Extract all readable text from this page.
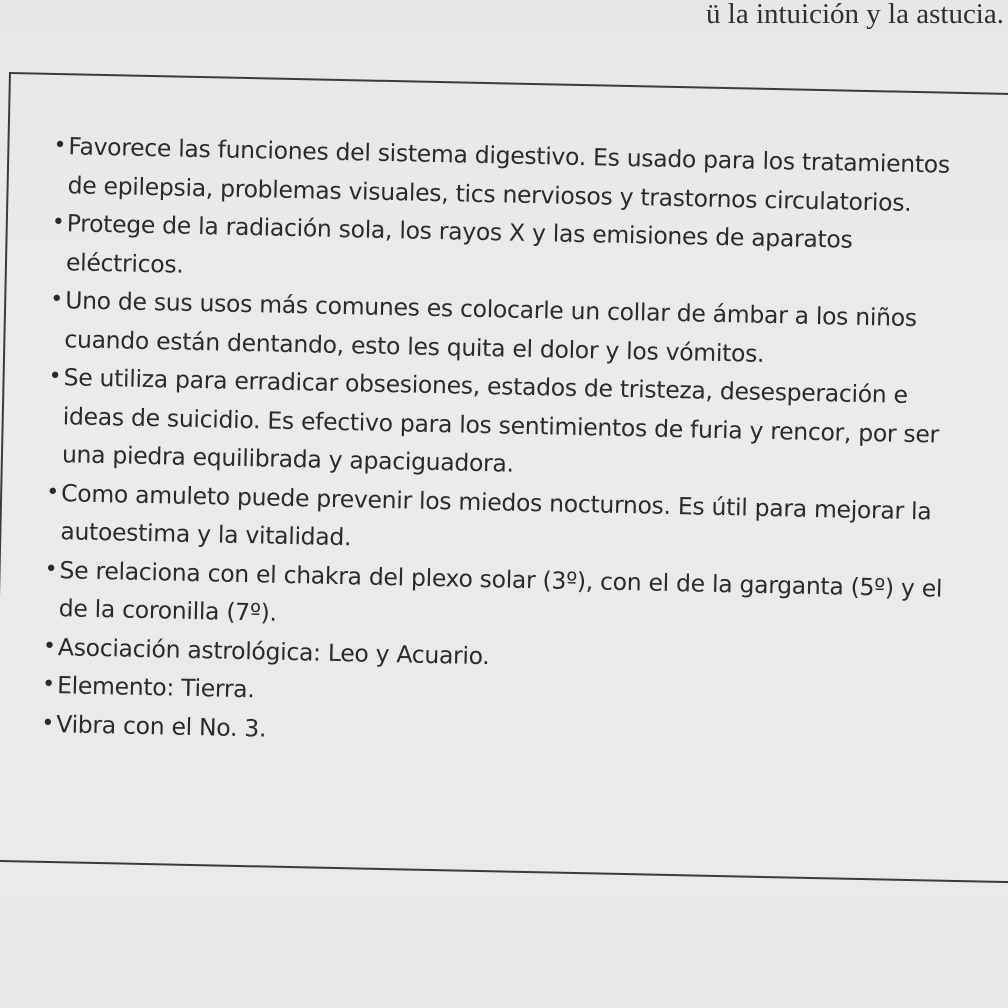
ü la intuición y la astucia.

• Favorece las funciones del sistema digestivo. Es usado para los tratamientos de epilepsia, problemas visuales, tics nerviosos y trastornos circulatorios.
• Protege de la radiación sola, los rayos X y las emisiones de aparatos eléctricos.
• Uno de sus usos más comunes es colocarle un collar de ámbar a los niños cuando están dentando, esto les quita el dolor y los vómitos.
• Se utiliza para erradicar obsesiones, estados de tristeza, desesperación e ideas de suicidio. Es efectivo para los sentimientos de furia y rencor, por ser una piedra equilibrada y apaciguadora.
• Como amuleto puede prevenir los miedos nocturnos. Es útil para mejorar la autoestima y la vitalidad.
• Se relaciona con el chakra del plexo solar (3º), con el de la garganta (5º) y el de la coronilla (7º).
• Asociación astrológica: Leo y Acuario.
• Elemento: Tierra.
• Vibra con el No. 3.
